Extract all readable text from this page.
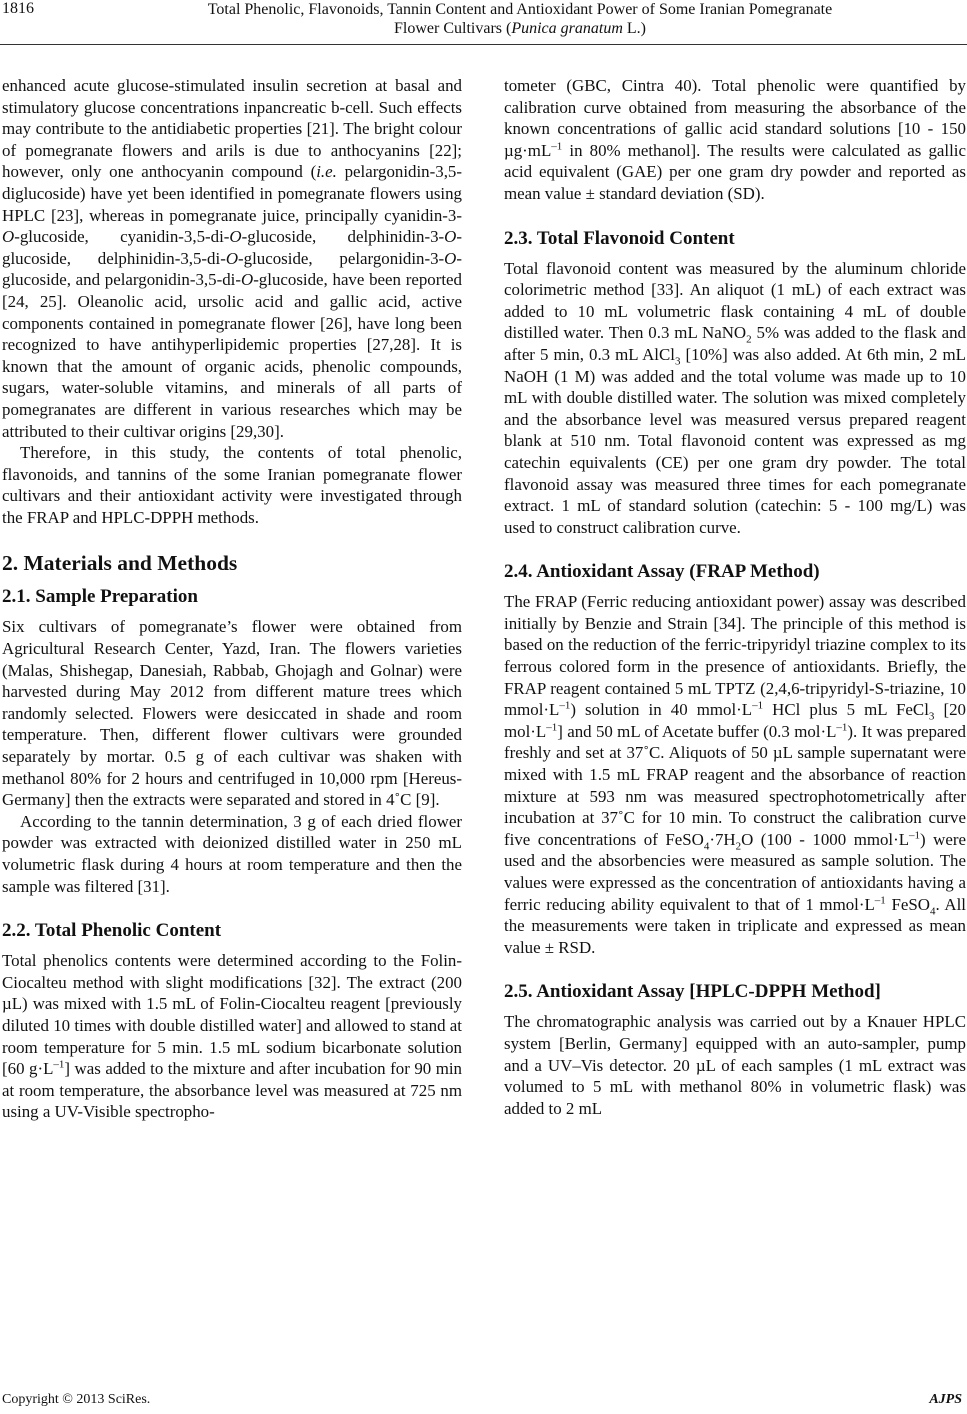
1816	Total Phenolic, Flavonoids, Tannin Content and Antioxidant Power of Some Iranian Pomegranate
Flower Cultivars (Punica granatum L.)

enhanced acute glucose-stimulated insulin secretion at basal and stimulatory glucose concentrations inpancreatic b-cell. Such effects may contribute to the antidiabetic properties [21]. The bright colour of pomegranate flowers and arils is due to anthocyanins [22]; however, only one anthocyanin compound (i.e. pelargonidin-3,5-diglucoside) have yet been identified in pomegranate flowers using HPLC [23], whereas in pomegranate juice, principally cyanidin-3-O-glucoside, cyanidin-3,5-di-O-glucoside, delphinidin-3-O-glucoside, delphinidin-3,5-di-O-glucoside, pelargonidin-3-O-glucoside, and pelargonidin-3,5-di-O-glucoside, have been reported [24, 25]. Oleanolic acid, ursolic acid and gallic acid, active components contained in pomegranate flower [26], have long been recognized to have antihyperlipidemic properties [27,28]. It is known that the amount of organic acids, phenolic compounds, sugars, water-soluble vitamins, and minerals of all parts of pomegranates are different in various researches which may be attributed to their cultivar origins [29,30].

Therefore, in this study, the contents of total phenolic, flavonoids, and tannins of the some Iranian pomegranate flower cultivars and their antioxidant activity were investigated through the FRAP and HPLC-DPPH methods.

2. Materials and Methods
2.1. Sample Preparation

Six cultivars of pomegranate’s flower were obtained from Agricultural Research Center, Yazd, Iran. The flowers varieties (Malas, Shishegap, Danesiah, Rabbab, Ghojagh and Golnar) were harvested during May 2012 from different mature trees which randomly selected. Flowers were desiccated in shade and room temperature. Then, different flower cultivars were grounded separately by mortar. 0.5 g of each cultivar was shaken with methanol 80% for 2 hours and centrifuged in 10,000 rpm [Hereus-Germany] then the extracts were separated and stored in 4˚C [9].

According to the tannin determination, 3 g of each dried flower powder was extracted with deionized distilled water in 250 mL volumetric flask during 4 hours at room temperature and then the sample was filtered [31].

2.2. Total Phenolic Content

Total phenolics contents were determined according to the Folin-Ciocalteu method with slight modifications [32]. The extract (200 µL) was mixed with 1.5 mL of Folin-Ciocalteu reagent [previously diluted 10 times with double distilled water] and allowed to stand at room temperature for 5 min. 1.5 mL sodium bicarbonate solution [60 $g\cdot L^{-1}$] was added to the mixture and after incubation for 90 min at room temperature, the absorbance level was measured at 725 nm using a UV-Visible spectropho-

tometer (GBC, Cintra 40). Total phenolic were quantified by calibration curve obtained from measuring the absorbance of the known concentrations of gallic acid standard solutions [10 - 150 $\mu g\cdot mL^{-1}$ in 80% methanol]. The results were calculated as gallic acid equivalent (GAE) per one gram dry powder and reported as mean value ± standard deviation (SD).

2.3. Total Flavonoid Content

Total flavonoid content was measured by the aluminum chloride colorimetric method [33]. An aliquot (1 mL) of each extract was added to 10 mL volumetric flask containing 4 mL of double distilled water. Then 0.3 mL NaNO$_2$ 5% was added to the flask and after 5 min, 0.3 mL AlCl$_3$ [10%] was also added. At 6th min, 2 mL NaOH (1 M) was added and the total volume was made up to 10 mL with double distilled water. The solution was mixed completely and the absorbance level was measured versus prepared reagent blank at 510 nm. Total flavonoid content was expressed as mg catechin equivalents (CE) per one gram dry powder. The total flavonoid assay was measured three times for each pomegranate extract. 1 mL of standard solution (catechin: 5 - 100 mg/L) was used to construct calibration curve.

2.4. Antioxidant Assay (FRAP Method)

The FRAP (Ferric reducing antioxidant power) assay was described initially by Benzie and Strain [34]. The principle of this method is based on the reduction of the ferric-tripyridyl triazine complex to its ferrous colored form in the presence of antioxidants. Briefly, the FRAP reagent contained 5 mL TPTZ (2,4,6-tripyridyl-S-triazine, 10 $mmol\cdot L^{-1}$) solution in 40 $mmol\cdot L^{-1}$ HCl plus 5 mL FeCl$_3$ [20 $mol\cdot L^{-1}$] and 50 mL of Acetate buffer (0.3 $mol\cdot L^{-1}$). It was prepared freshly and set at 37˚C. Aliquots of 50 µL sample supernatant were mixed with 1.5 mL FRAP reagent and the absorbance of reaction mixture at 593 nm was measured spectrophotometrically after incubation at 37˚C for 10 min. To construct the calibration curve five concentrations of $FeSO_4\cdot 7H_2O$ (100 - 1000 $mmol\cdot L^{-1}$) were used and the absorbencies were measured as sample solution. The values were expressed as the concentration of antioxidants having a ferric reducing ability equivalent to that of 1 $mmol\cdot L^{-1}$ FeSO$_4$. All the measurements were taken in triplicate and expressed as mean value ± RSD.

2.5. Antioxidant Assay [HPLC-DPPH Method]

The chromatographic analysis was carried out by a Knauer HPLC system [Berlin, Germany] equipped with an auto-sampler, pump and a UV–Vis detector. 20 µL of each samples (1 mL extract was volumed to 5 mL with methanol 80% in volumetric flask) was added to 2 mL

Copyright © 2013 SciRes.	AJPS
